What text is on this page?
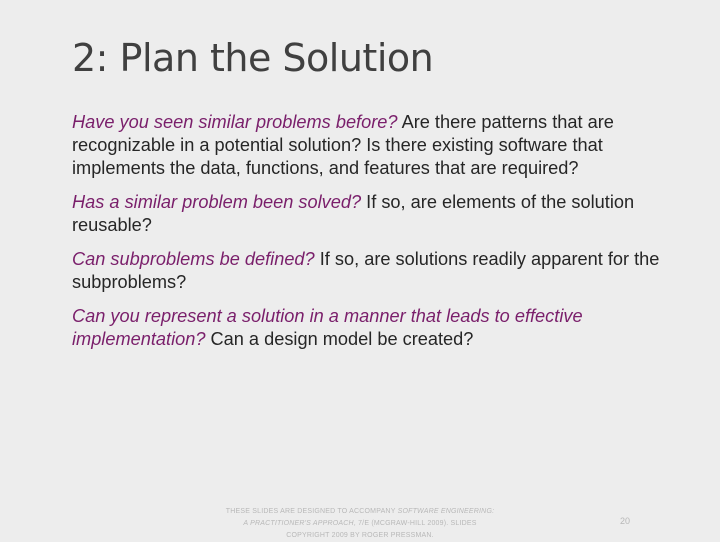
2: Plan the Solution

Have you seen similar problems before? Are there patterns that are recognizable in a potential solution? Is there existing software that implements the data, functions, and features that are required?

Has a similar problem been solved? If so, are elements of the solution reusable?

Can subproblems be defined? If so, are solutions readily apparent for the subproblems?

Can you represent a solution in a manner that leads to effective implementation? Can a design model be created?

THESE SLIDES ARE DESIGNED TO ACCOMPANY SOFTWARE ENGINEERING:
A PRACTITIONER'S APPROACH, 7/E (MCGRAW-HILL 2009). SLIDES
COPYRIGHT 2009 BY ROGER PRESSMAN.
20
